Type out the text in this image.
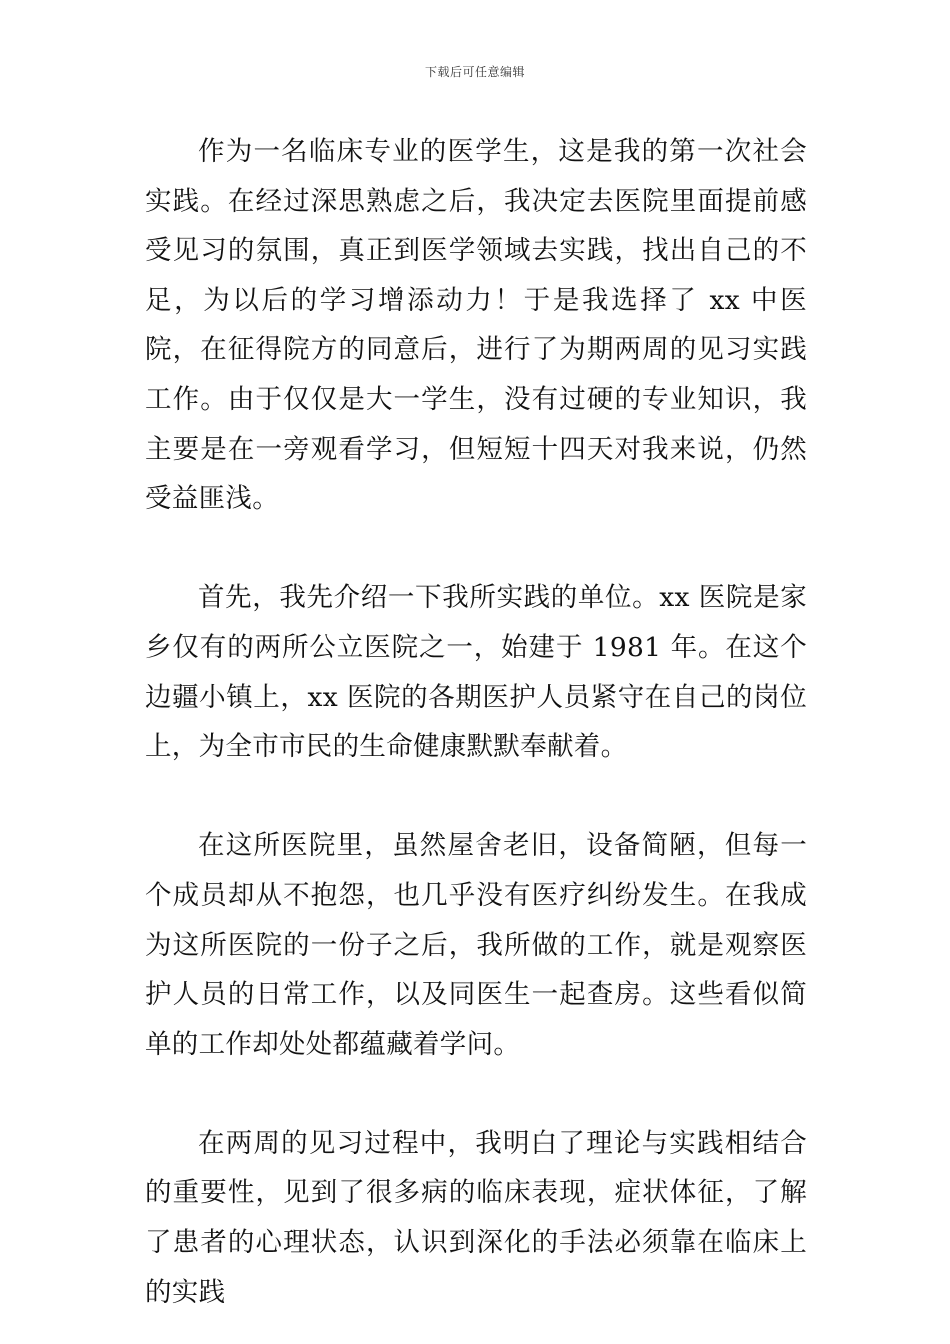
下载后可任意编辑

作为一名临床专业的医学生，这是我的第一次社会实践。在经过深思熟虑之后，我决定去医院里面提前感受见习的氛围，真正到医学领域去实践，找出自己的不足，为以后的学习增添动力！于是我选择了 xx 中医院，在征得院方的同意后，进行了为期两周的见习实践工作。由于仅仅是大一学生，没有过硬的专业知识，我主要是在一旁观看学习，但短短十四天对我来说，仍然受益匪浅。

首先，我先介绍一下我所实践的单位。xx 医院是家乡仅有的两所公立医院之一，始建于 1981 年。在这个边疆小镇上，xx 医院的各期医护人员紧守在自己的岗位上，为全市市民的生命健康默默奉献着。

在这所医院里，虽然屋舍老旧，设备简陋，但每一个成员却从不抱怨，也几乎没有医疗纠纷发生。在我成为这所医院的一份子之后，我所做的工作，就是观察医护人员的日常工作，以及同医生一起查房。这些看似简单的工作却处处都蕴藏着学问。

在两周的见习过程中，我明白了理论与实践相结合的重要性，见到了很多病的临床表现，症状体征，了解了患者的心理状态，认识到深化的手法必须靠在临床上的实践
